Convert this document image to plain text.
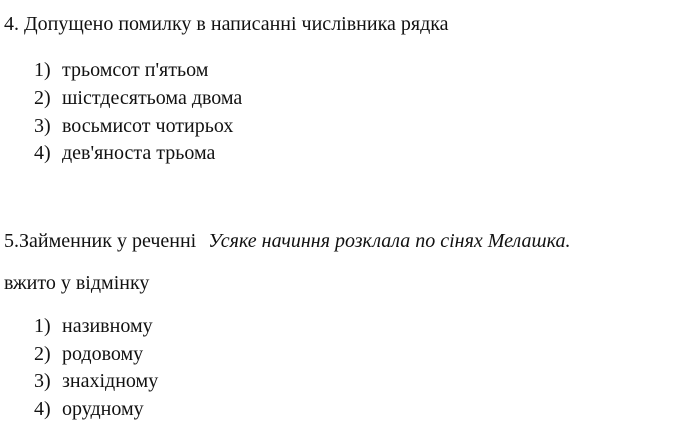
4. Допущено помилку в написанні числівника рядка
1) трьомсот п'ятьом
2) шістдесятьома двома
3) восьмисот чотирьох
4) дев'яноста трьома
5.Займенник у реченні Усяке начиння розклала по сінях Мелашка.
вжито у відмінку
1) називному
2) родовому
3) знахідному
4) орудному
